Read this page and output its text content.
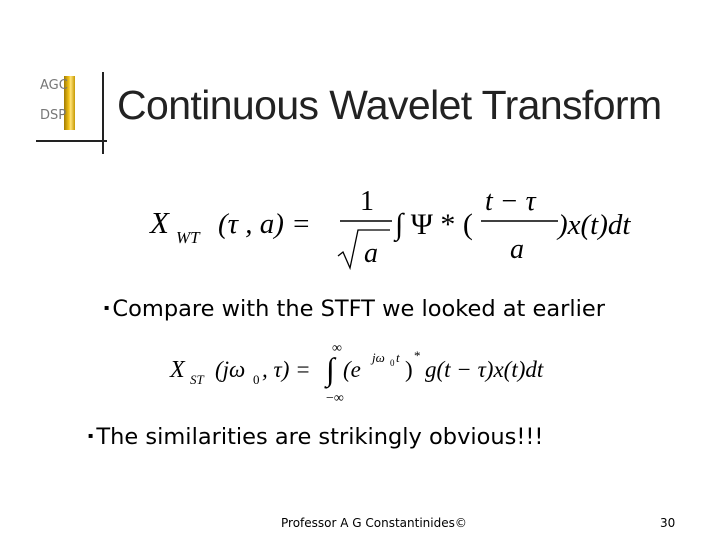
AGC
DSP Continuous Wavelet Transform
X WT (τ , a) =
1
a
∫ Ψ * (
t − τ
a
)x(t)dt
▪ Compare with the STFT we looked at earlier
X ST (jω 0 , τ) =
∞
∫
−∞
(e jω 0 t )
*
g(t − τ)x(t)dt
▪ The similarities are strikingly obvious!!!
Professor A G Constantinides©	30
